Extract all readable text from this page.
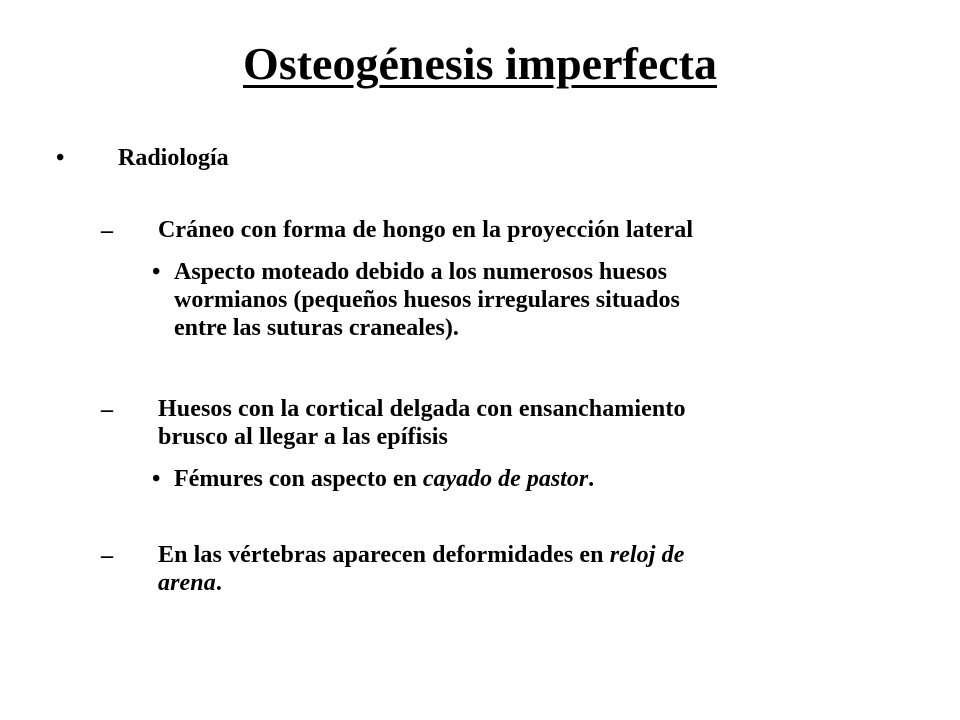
Osteogénesis imperfecta
•	Radiología
– Cráneo con forma de hongo en la proyección lateral
• Aspecto moteado debido a los numerosos huesos
wormianos (pequeños huesos irregulares situados
entre las suturas craneales).
– Huesos con la cortical delgada con ensanchamiento
brusco al llegar a las epífisis
• Fémures con aspecto en cayado de pastor.
– En las vértebras aparecen deformidades en reloj de
arena.
